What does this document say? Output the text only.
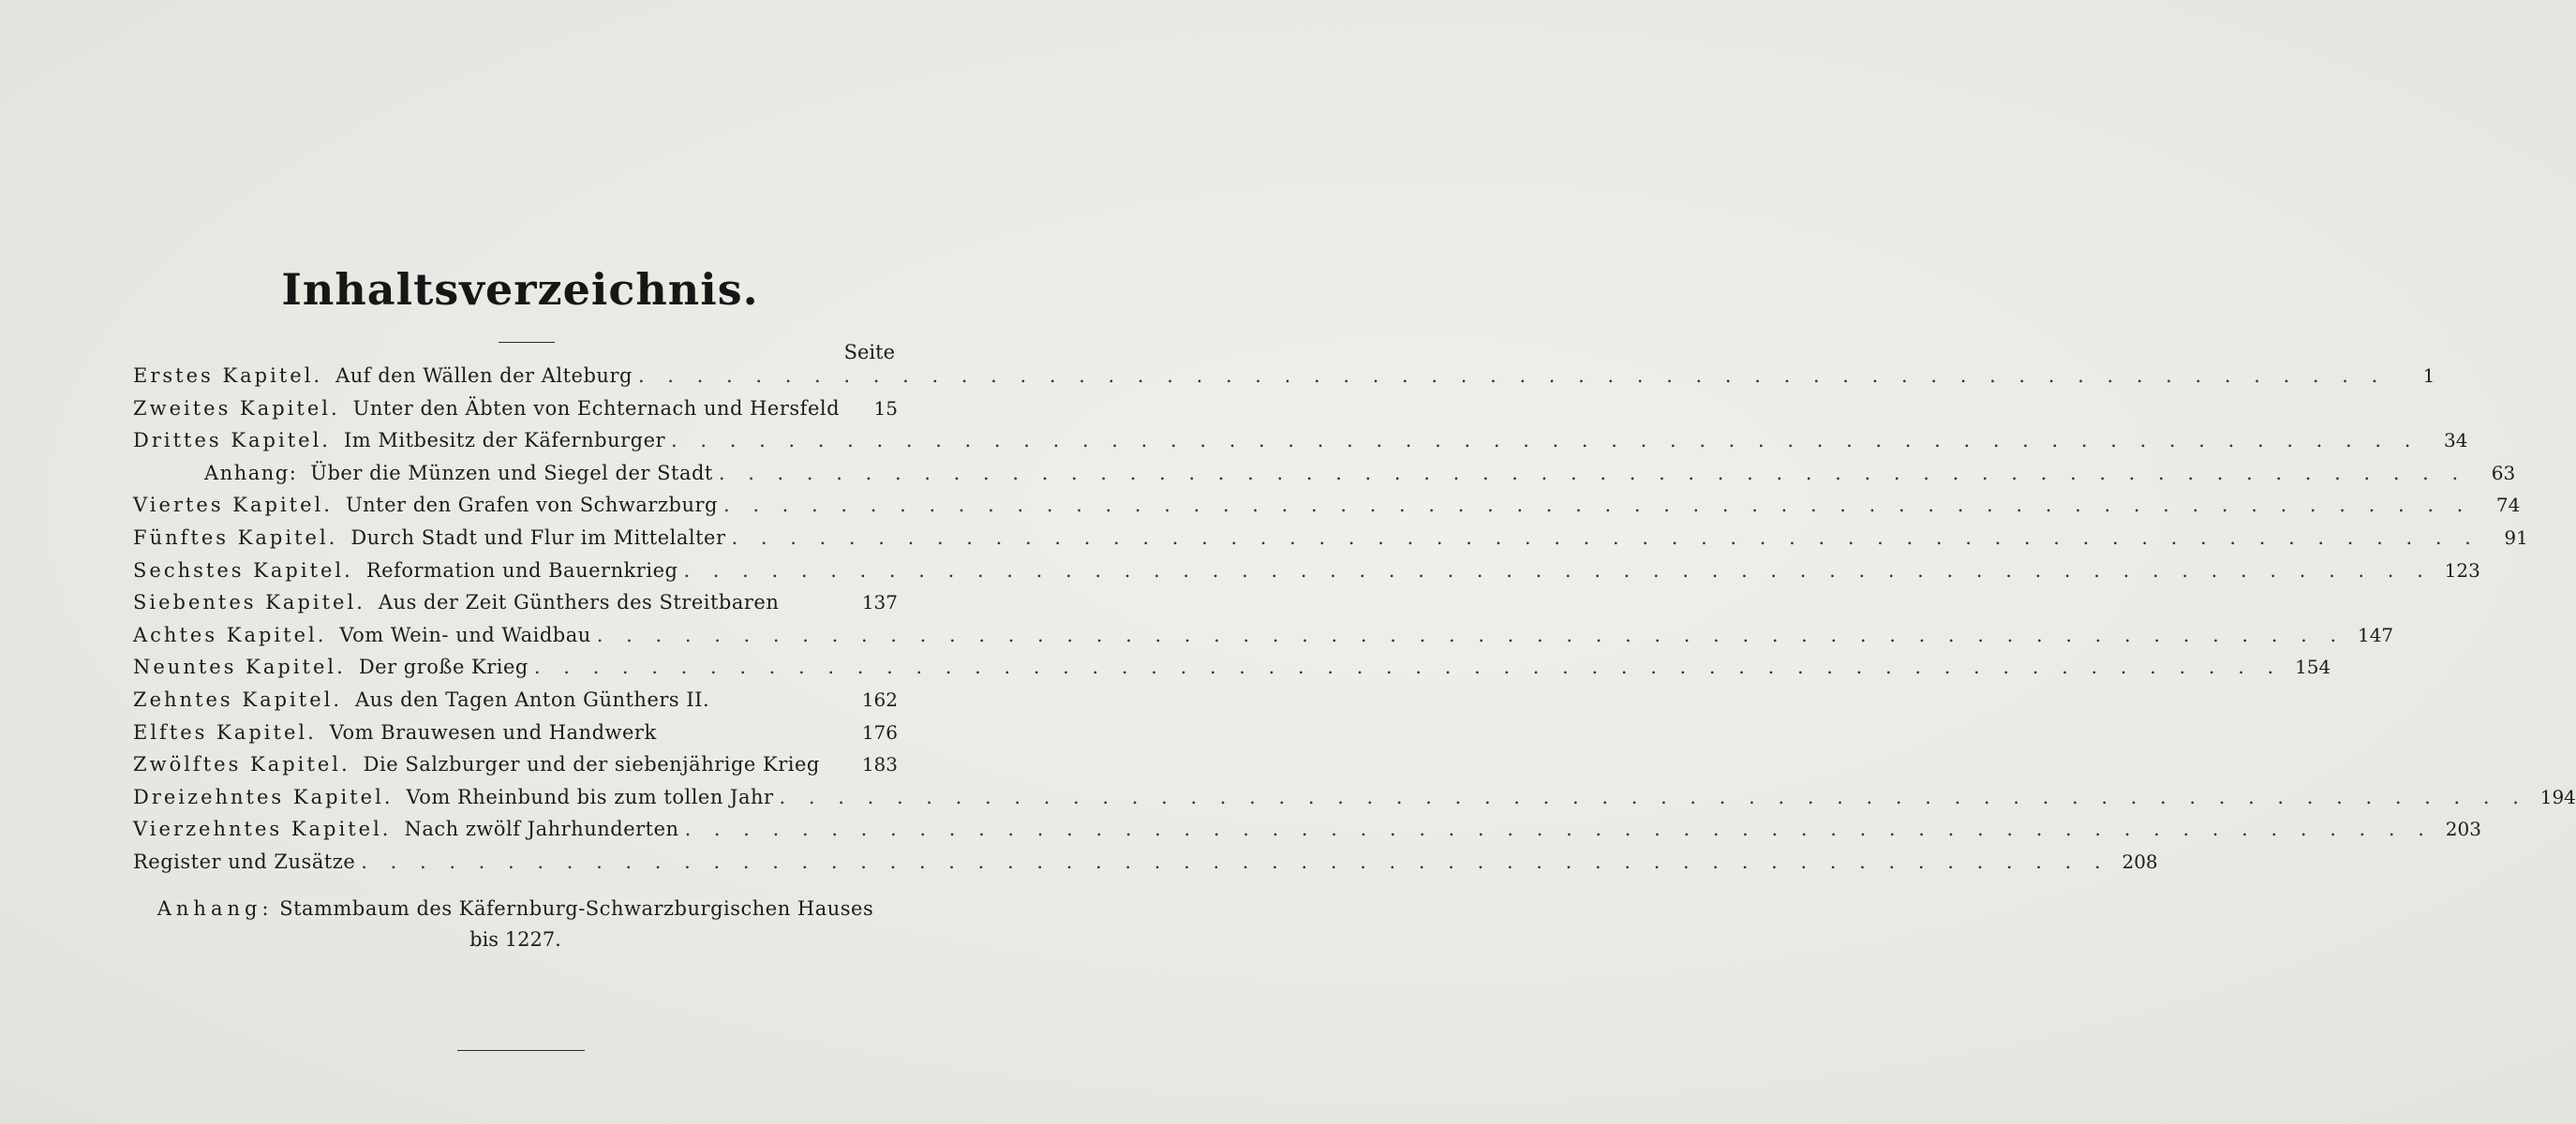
Inhaltsverzeichnis.
Seite
Erstes Kapitel. Auf den Wällen der Alteburg . . . . . . . . . . . . . . . . . . . . . . . . . . . . . . . . . . . . . . . . . . . . . . . . . . . . . . . . . . . .	1
Zweites Kapitel. Unter den Äbten von Echternach und Hersfeld	15
Drittes Kapitel. Im Mitbesitz der Käfernburger . . . . . . . . . . . . . . . . . . . . . . . . . . . . . . . . . . . . . . . . . . . . . . . . . . . . . . . . . . . .	34
Anhang: Über die Münzen und Siegel der Stadt . . . . . . . . . . . . . . . . . . . . . . . . . . . . . . . . . . . . . . . . . . . . . . . . . . . . . . . . . . . .	63
Viertes Kapitel. Unter den Grafen von Schwarzburg . . . . . . . . . . . . . . . . . . . . . . . . . . . . . . . . . . . . . . . . . . . . . . . . . . . . . . . . . . . .	74
Fünftes Kapitel. Durch Stadt und Flur im Mittelalter . . . . . . . . . . . . . . . . . . . . . . . . . . . . . . . . . . . . . . . . . . . . . . . . . . . . . . . . . . . .	91
Sechstes Kapitel. Reformation und Bauernkrieg . . . . . . . . . . . . . . . . . . . . . . . . . . . . . . . . . . . . . . . . . . . . . . . . . . . . . . . . . . . . 123
Siebentes Kapitel. Aus der Zeit Günthers des Streitbaren	137
Achtes Kapitel. Vom Wein- und Waidbau . . . . . . . . . . . . . . . . . . . . . . . . . . . . . . . . . . . . . . . . . . . . . . . . . . . . . . . . . . . . 147
Neuntes Kapitel. Der große Krieg . . . . . . . . . . . . . . . . . . . . . . . . . . . . . . . . . . . . . . . . . . . . . . . . . . . . . . . . . . . . 154
Zehntes Kapitel. Aus den Tagen Anton Günthers II.	162
Elftes Kapitel. Vom Brauwesen und Handwerk	176
Zwölftes Kapitel. Die Salzburger und der siebenjährige Krieg	183
Dreizehntes Kapitel. Vom Rheinbund bis zum tollen Jahr . . . . . . . . . . . . . . . . . . . . . . . . . . . . . . . . . . . . . . . . . . . . . . . . . . . . . . . . . . . . 194
Vierzehntes Kapitel. Nach zwölf Jahrhunderten . . . . . . . . . . . . . . . . . . . . . . . . . . . . . . . . . . . . . . . . . . . . . . . . . . . . . . . . . . . . 203
Register und Zusätze . . . . . . . . . . . . . . . . . . . . . . . . . . . . . . . . . . . . . . . . . . . . . . . . . . . . . . . . . . . . 208
Anhang: Stammbaum des Käfernburg-Schwarzburgischen Hauses
bis 1227.
